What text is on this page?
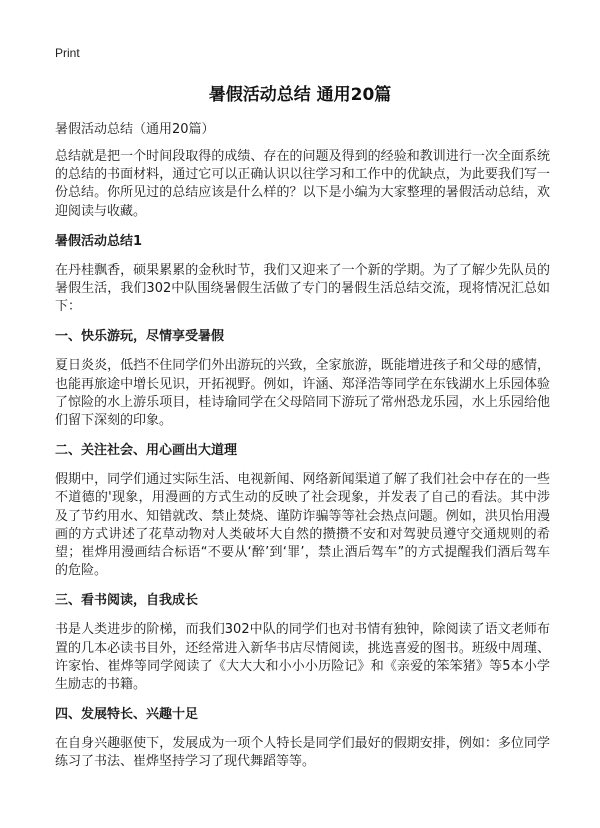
Print
暑假活动总结 通用20篇
暑假活动总结（通用20篇）

总结就是把一个时间段取得的成绩、存在的问题及得到的经验和教训进行一次全面系统的总结的书面材料，通过它可以正确认识以往学习和工作中的优缺点，为此要我们写一份总结。你所见过的总结应该是什么样的？以下是小编为大家整理的暑假活动总结，欢迎阅读与收藏。

暑假活动总结1

在丹桂飘香，硕果累累的金秋时节，我们又迎来了一个新的学期。为了了解少先队员的暑假生活，我们302中队围绕暑假生活做了专门的暑假生活总结交流，现将情况汇总如下：

一、快乐游玩，尽情享受暑假

夏日炎炎，低挡不住同学们外出游玩的兴致，全家旅游，既能增进孩子和父母的感情，也能再旅途中增长见识，开拓视野。例如，许涵、郑泽浩等同学在东钱湖水上乐园体验了惊险的水上游乐项目，桂诗瑜同学在父母陪同下游玩了常州恐龙乐园，水上乐园给他们留下深刻的印象。

二、关注社会、用心画出大道理

假期中，同学们通过实际生活、电视新闻、网络新闻渠道了解了我们社会中存在的一些不道德的'现象，用漫画的方式生动的反映了社会现象，并发表了自己的看法。其中涉及了节约用水、知错就改、禁止焚烧、谨防诈骗等等社会热点问题。例如，洪贝怡用漫画的方式讲述了花草动物对人类破坏大自然的攒攒不安和对驾驶员遵守交通规则的希望；崔烨用漫画结合标语“不要从‘醉’到‘罪’，禁止酒后驾车”的方式提醒我们酒后驾车的危险。

三、看书阅读，自我成长

书是人类进步的阶梯，而我们302中队的同学们也对书情有独钟，除阅读了语文老师布置的几本必读书目外，还经常进入新华书店尽情阅读，挑选喜爱的图书。班级中周瑾、许家怡、崔烨等同学阅读了《大大大和小小小历险记》和《亲爱的笨笨猪》等5本小学生励志的书籍。

四、发展特长、兴趣十足

在自身兴趣驱使下，发展成为一项个人特长是同学们最好的假期安排，例如：多位同学练习了书法、崔烨坚持学习了现代舞蹈等等。
